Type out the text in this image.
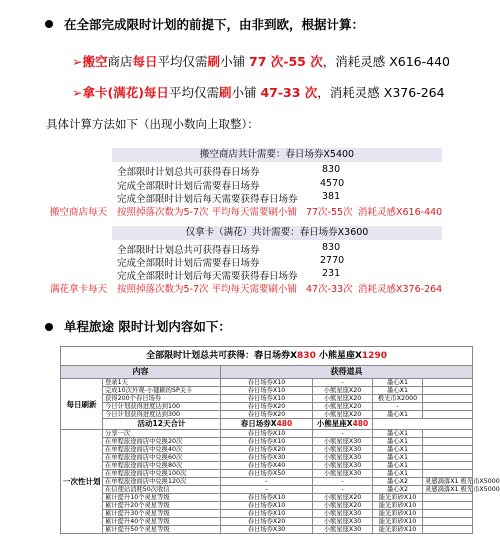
在全部完成限时计划的前提下，由非到欧，根据计算：
➢搬空商店每日平均仅需刷小铺 77 次-55 次，消耗灵感 X616-440
➢拿卡(满花)每日平均仅需刷小铺 47-33 次，消耗灵感 X376-264
具体计算方法如下（出现小数向上取整）：
搬空商店共计需要：春日场券X5400
全部限时计划总共可获得春日场券	830
完成全部限时计划后需要春日场券	4570
完成全部限时计划后每天需要获得春日场券	381
搬空商店每天 按照掉落次数为5-7次 平均每天需要刷小铺 77次-55次 消耗灵感X616-440
仅拿卡（满花）共计需要：春日场券X3600
全部限时计划总共可获得春日场券	830
完成全部限时计划后需要春日场券	2770
完成全部限时计划后每天需要获得春日场券	231
满花拿卡每天 按照掉落次数为5-7次 平均每天需要刷小铺 47次-33次 消耗灵感X376-264
单程旅途 限时计划内容如下：
全部限时计划总共可获得：春日场券X830 小熊星座X1290					
内容		获得道具			
每日刷新	登录1天	春日场券X10	-	墨心X1	
	完成10次外观-小键刷的SP关卡	春日场券X10	小熊星座X20	墨心X1	
	获得200个春日场券	春日场券X10	小熊星座X20	极光币X2000	
	今日计划获得进度达到100	春日场券X20	小熊星座X20	-	
	今日计划获得进度达到300	春日场券X20	小熊星座X20	墨心X1	
	活动12天合计	春日场券X480	小熊星座X480		
一次性计划	分享一次	春日场券X10	-	墨心X1	
	在单程旅途商店中兑换20次	春日场券X10	小熊星座X30	墨心X1	
	在单程旅途商店中兑换40次	春日场券X20	小熊星座X30	墨心X1	
	在单程旅途商店中兑换60次	春日场券X30	小熊星座X30	墨心X1	
	在单程旅途商店中兑换80次	春日场券X40	小熊星座X30	墨心X1	
	在单程旅途商店中兑换100次	春日场券X50	小熊星座X30	墨心X1	
	在单程旅途商店中兑换120次	-	-	墨心X2	灵感滴落X1 极光币X5000
	在信使站消耗50次收信	-	-	墨心X2	灵感滴落X1 极光币X5000
	累计提升10个灵星等级	春日场券X10	小熊星座X20	能光彩砂X10	
	累计提升20个灵星等级	春日场券X10	小熊星座X20	能光彩砂X10	
	累计提升30个灵星等级	春日场券X10	小熊星座X30	能光彩砂X10	
	累计提升40个灵星等级	春日场券X20	小熊星座X30	能光彩砂X10	
	累计提升50个灵星等级	春日场券X30	小熊星座X30	能光彩砂X10	
